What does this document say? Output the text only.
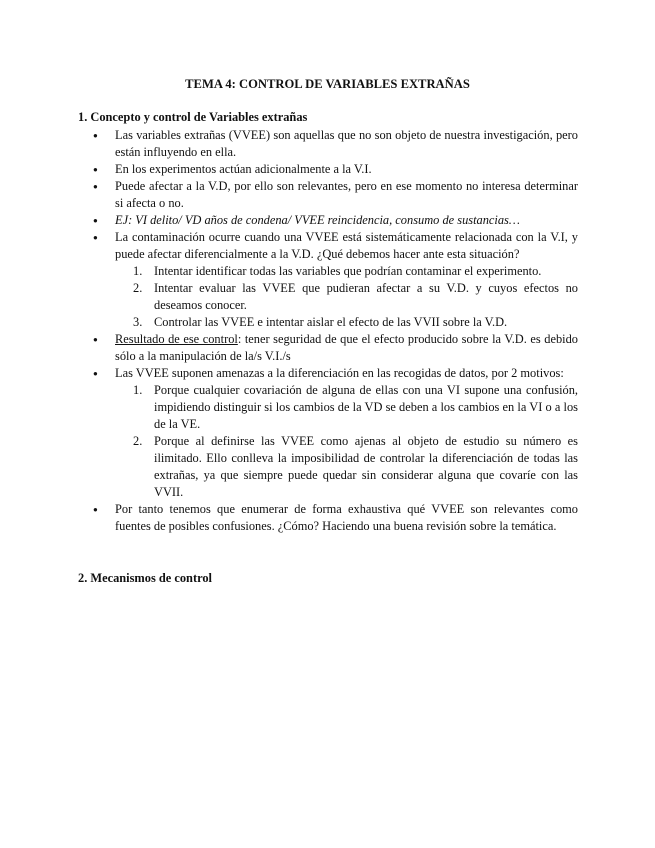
TEMA 4: CONTROL DE VARIABLES EXTRAÑAS
1. Concepto y control de Variables extrañas
● Las variables extrañas (VVEE) son aquellas que no son objeto de nuestra investigación, pero están influyendo en ella.
● En los experimentos actúan adicionalmente a la V.I.
● Puede afectar a la V.D, por ello son relevantes, pero en ese momento no interesa determinar si afecta o no.
● EJ: VI delito/ VD años de condena/ VVEE reincidencia, consumo de sustancias…
● La contaminación ocurre cuando una VVEE está sistemáticamente relacionada con la V.I, y puede afectar diferencialmente a la V.D. ¿Qué debemos hacer ante esta situación?
1. Intentar identificar todas las variables que podrían contaminar el experimento.
2. Intentar evaluar las VVEE que pudieran afectar a su V.D. y cuyos efectos no deseamos conocer.
3. Controlar las VVEE e intentar aislar el efecto de las VVII sobre la V.D.
● Resultado de ese control: tener seguridad de que el efecto producido sobre la V.D. es debido sólo a la manipulación de la/s V.I./s
● Las VVEE suponen amenazas a la diferenciación en las recogidas de datos, por 2 motivos:
1. Porque cualquier covariación de alguna de ellas con una VI supone una confusión, impidiendo distinguir si los cambios de la VD se deben a los cambios en la VI o a los de la VE.
2. Porque al definirse las VVEE como ajenas al objeto de estudio su número es ilimitado. Ello conlleva la imposibilidad de controlar la diferenciación de todas las extrañas, ya que siempre puede quedar sin considerar alguna que covaríe con las VVII.
● Por tanto tenemos que enumerar de forma exhaustiva qué VVEE son relevantes como fuentes de posibles confusiones. ¿Cómo? Haciendo una buena revisión sobre la temática.
2. Mecanismos de control
